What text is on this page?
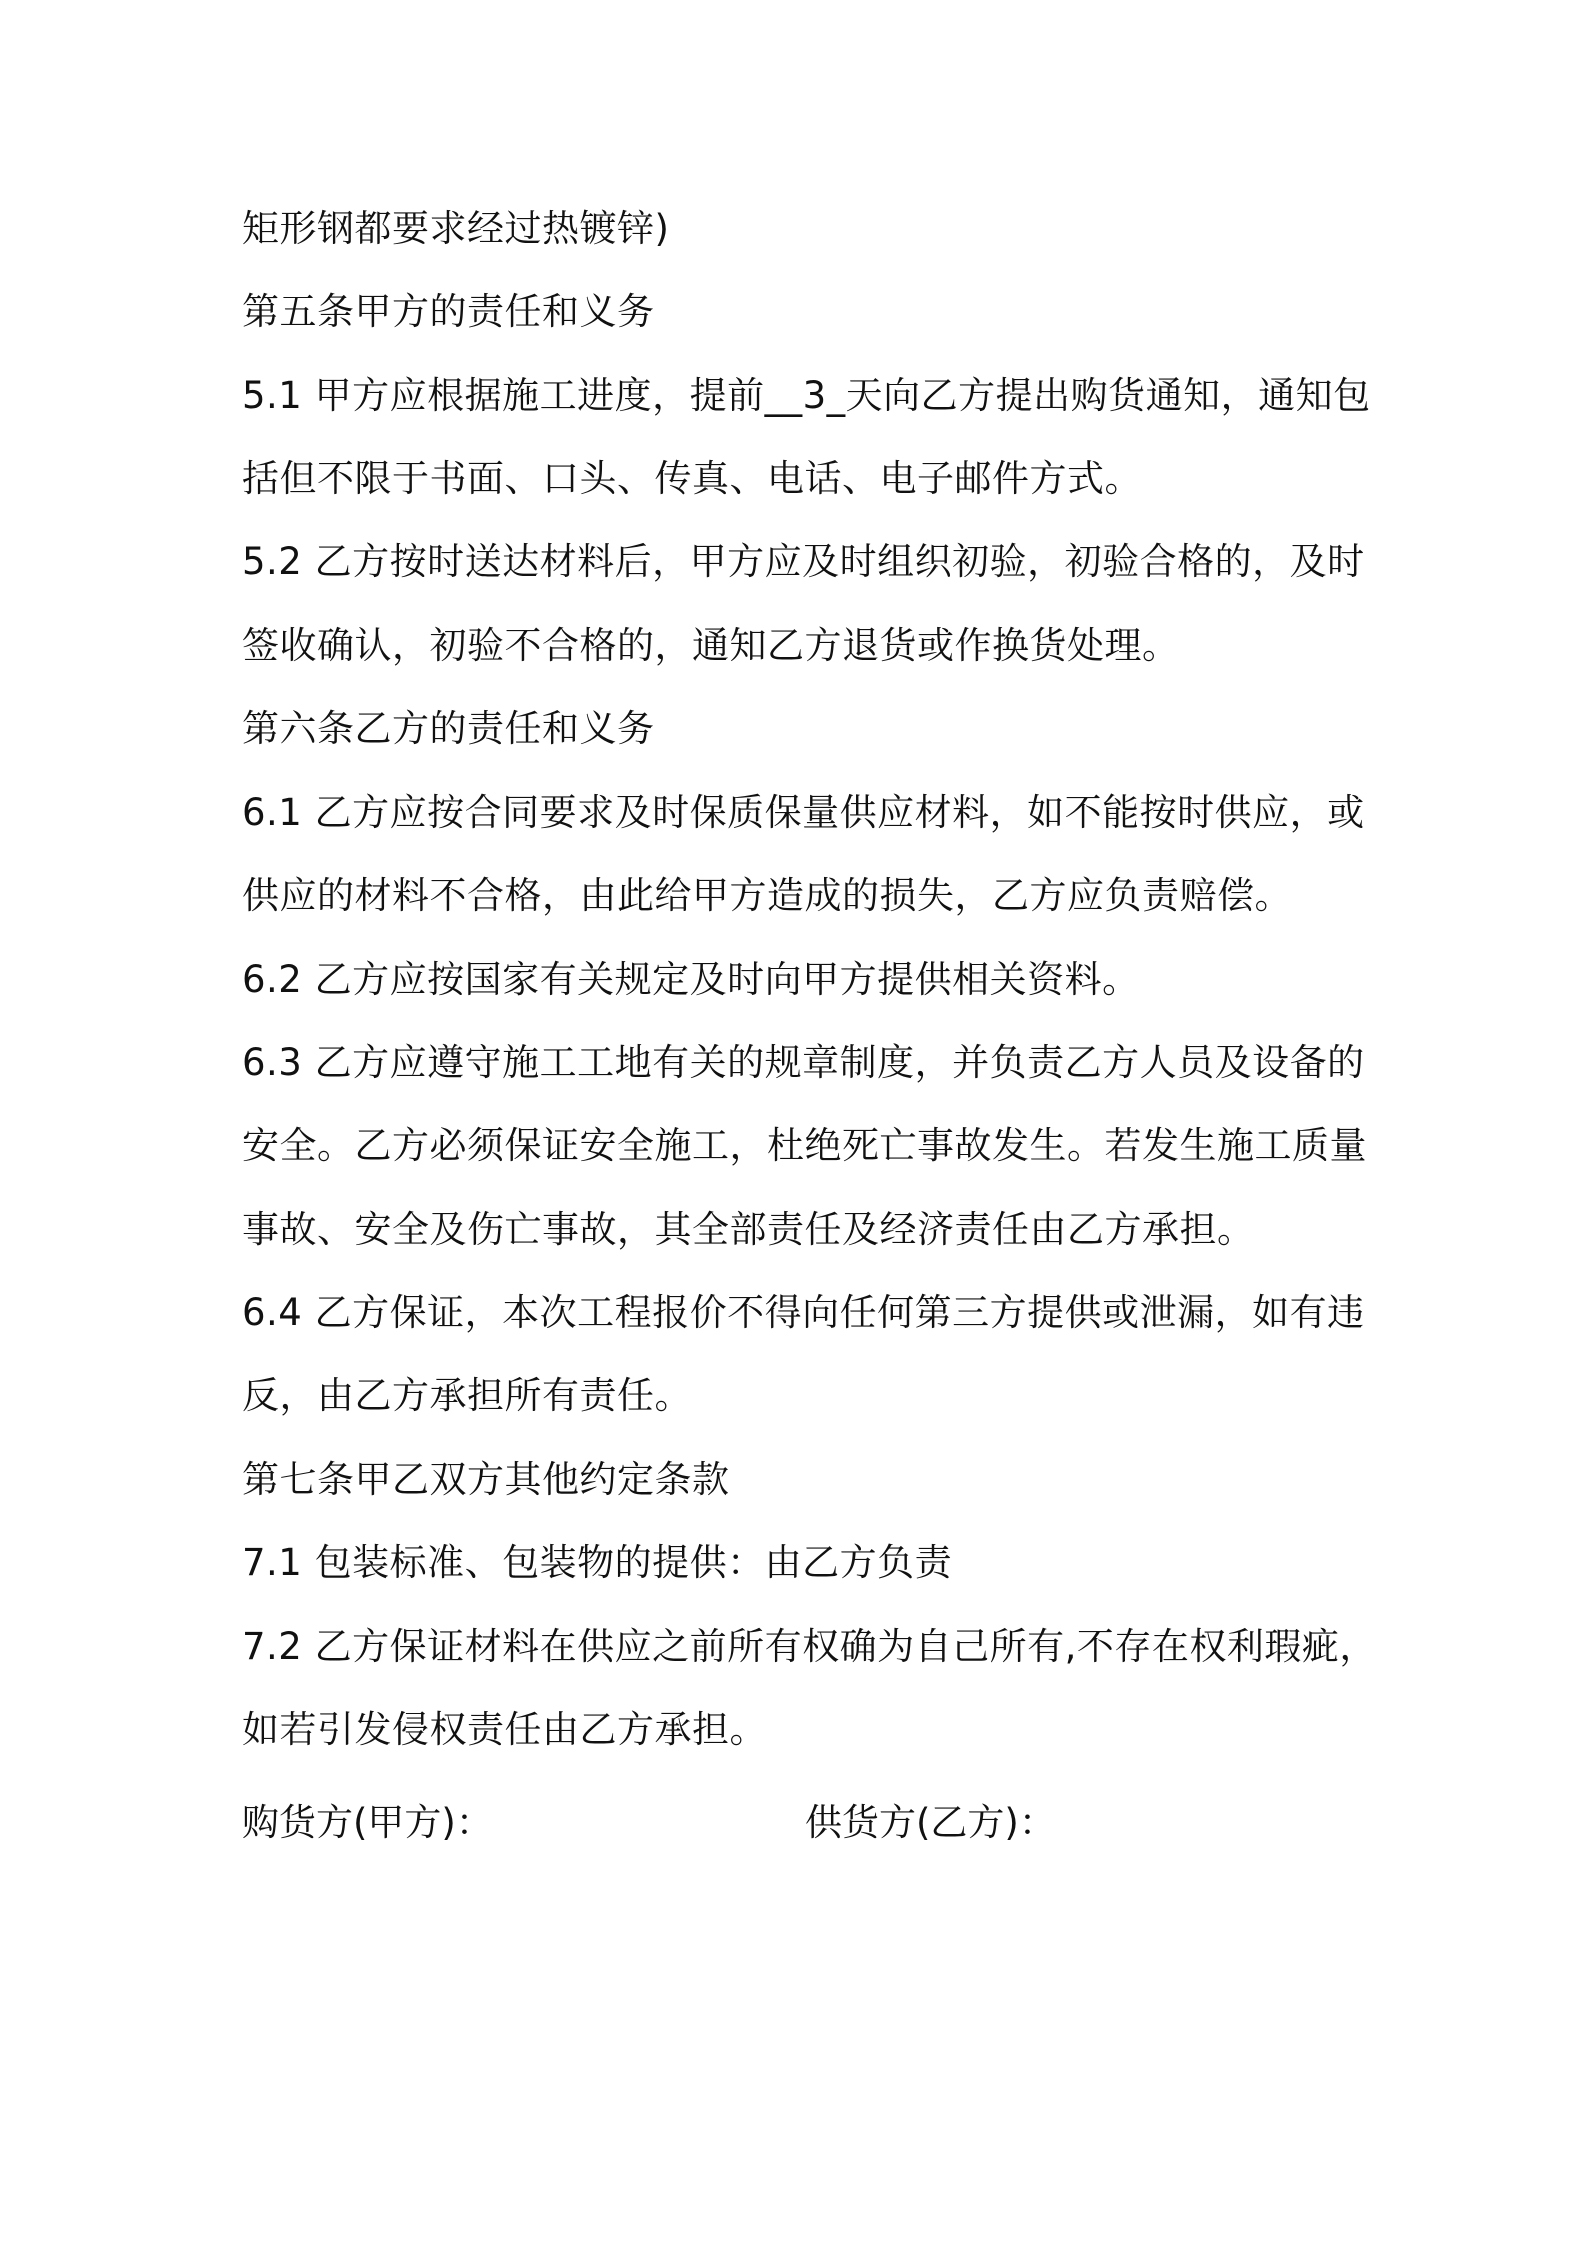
矩形钢都要求经过热镀锌)
第五条甲方的责任和义务
5.1 甲方应根据施工进度，提前__3_天向乙方提出购货通知，通知包
括但不限于书面、口头、传真、电话、电子邮件方式。
5.2 乙方按时送达材料后，甲方应及时组织初验，初验合格的，及时
签收确认，初验不合格的，通知乙方退货或作换货处理。
第六条乙方的责任和义务
6.1 乙方应按合同要求及时保质保量供应材料，如不能按时供应，或
供应的材料不合格，由此给甲方造成的损失，乙方应负责赔偿。
6.2 乙方应按国家有关规定及时向甲方提供相关资料。
6.3 乙方应遵守施工工地有关的规章制度，并负责乙方人员及设备的
安全。乙方必须保证安全施工，杜绝死亡事故发生。若发生施工质量
事故、安全及伤亡事故，其全部责任及经济责任由乙方承担。
6.4 乙方保证，本次工程报价不得向任何第三方提供或泄漏，如有违
反，由乙方承担所有责任。
第七条甲乙双方其他约定条款
7.1 包装标准、包装物的提供：由乙方负责
7.2 乙方保证材料在供应之前所有权确为自己所有,不存在权利瑕疵，
如若引发侵权责任由乙方承担。
购货方(甲方)：	供货方(乙方)：
